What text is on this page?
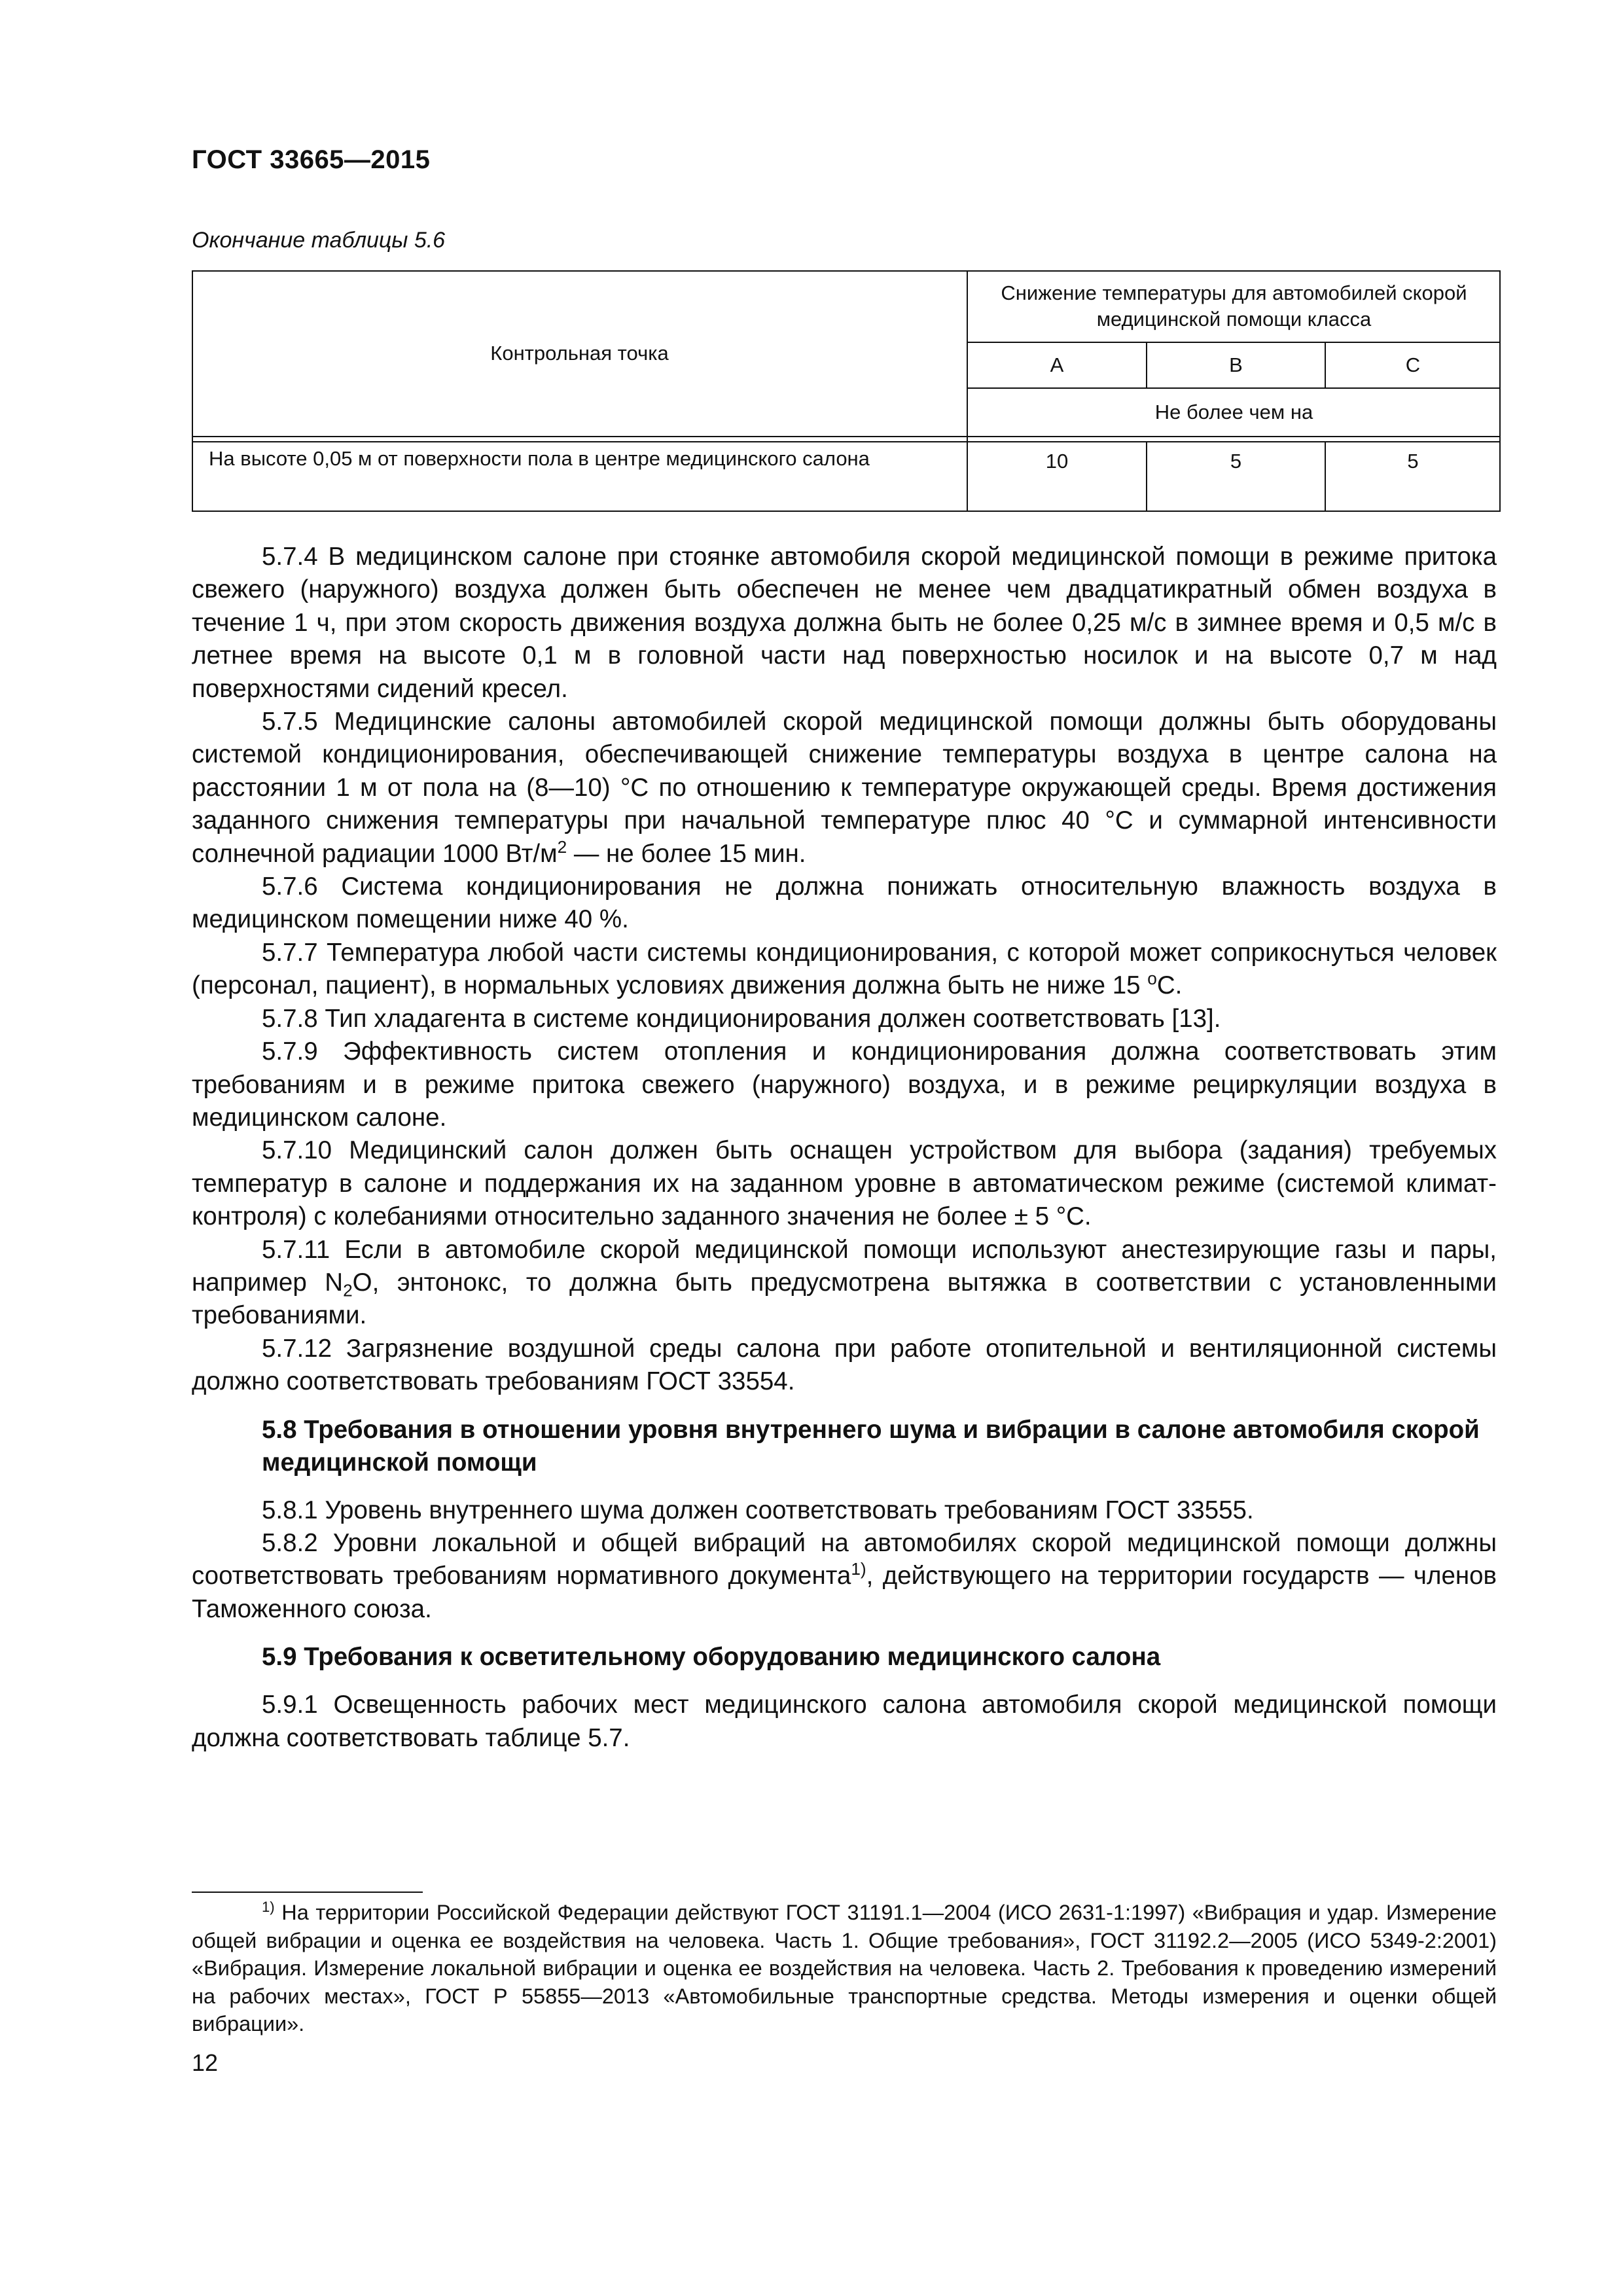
ГОСТ 33665—2015
Окончание таблицы 5.6
Контрольная точка
Снижение температуры для автомобилей скорой медицинской помощи класса
A	B	C
Не более чем на
На высоте 0,05 м от поверхности пола в центре медицинского салона	10	5	5

5.7.4 В медицинском салоне при стоянке автомобиля скорой медицинской помощи в режиме притока свежего (наружного) воздуха должен быть обеспечен не менее чем двадцатикратный обмен воздуха в течение 1 ч, при этом скорость движения воздуха должна быть не более 0,25 м/с в зимнее время и 0,5 м/с в летнее время на высоте 0,1 м в головной части над поверхностью носилок и на высоте 0,7 м над поверхностями сидений кресел.

5.7.5 Медицинские салоны автомобилей скорой медицинской помощи должны быть оборудованы системой кондиционирования, обеспечивающей снижение температуры воздуха в центре салона на расстоянии 1 м от пола на (8—10) °С по отношению к температуре окружающей среды. Время достижения заданного снижения температуры при начальной температуре плюс 40 °С и суммарной интенсивности солнечной радиации 1000 $Вт/м^2$ — не более 15 мин.

5.7.6 Система кондиционирования не должна понижать относительную влажность воздуха в медицинском помещении ниже 40 %.

5.7.7 Температура любой части системы кондиционирования, с которой может соприкоснуться человек (персонал, пациент), в нормальных условиях движения должна быть не ниже 15 $^о$С.

5.7.8 Тип хладагента в системе кондиционирования должен соответствовать [13].

5.7.9 Эффективность систем отопления и кондиционирования должна соответствовать этим требованиям и в режиме притока свежего (наружного) воздуха, и в режиме рециркуляции воздуха в медицинском салоне.

5.7.10 Медицинский салон должен быть оснащен устройством для выбора (задания) требуемых температур в салоне и поддержания их на заданном уровне в автоматическом режиме (системой климат-контроля) с колебаниями относительно заданного значения не более ± 5 °С.

5.7.11 Если в автомобиле скорой медицинской помощи используют анестезирующие газы и пары, например $N_2O$, энтонокс, то должна быть предусмотрена вытяжка в соответствии с установленными требованиями.

5.7.12 Загрязнение воздушной среды салона при работе отопительной и вентиляционной системы должно соответствовать требованиям ГОСТ 33554.

5.8 Требования в отношении уровня внутреннего шума и вибрации в салоне автомобиля скорой медицинской помощи

5.8.1 Уровень внутреннего шума должен соответствовать требованиям ГОСТ 33555.

5.8.2 Уровни локальной и общей вибраций на автомобилях скорой медицинской помощи должны соответствовать требованиям нормативного документа$^{1)}$, действующего на территории государств — членов Таможенного союза.

5.9 Требования к осветительному оборудованию медицинского салона

5.9.1 Освещенность рабочих мест медицинского салона автомобиля скорой медицинской помощи должна соответствовать таблице 5.7.

$^{1)}$ На территории Российской Федерации действуют ГОСТ 31191.1—2004 (ИСО 2631-1:1997) «Вибрация и удар. Измерение общей вибрации и оценка ее воздействия на человека. Часть 1. Общие требования», ГОСТ 31192.2—2005 (ИСО 5349-2:2001) «Вибрация. Измерение локальной вибрации и оценка ее воздействия на человека. Часть 2. Требования к проведению измерений на рабочих местах», ГОСТ Р 55855—2013 «Автомобильные транспортные средства. Методы измерения и оценки общей вибрации».
12
